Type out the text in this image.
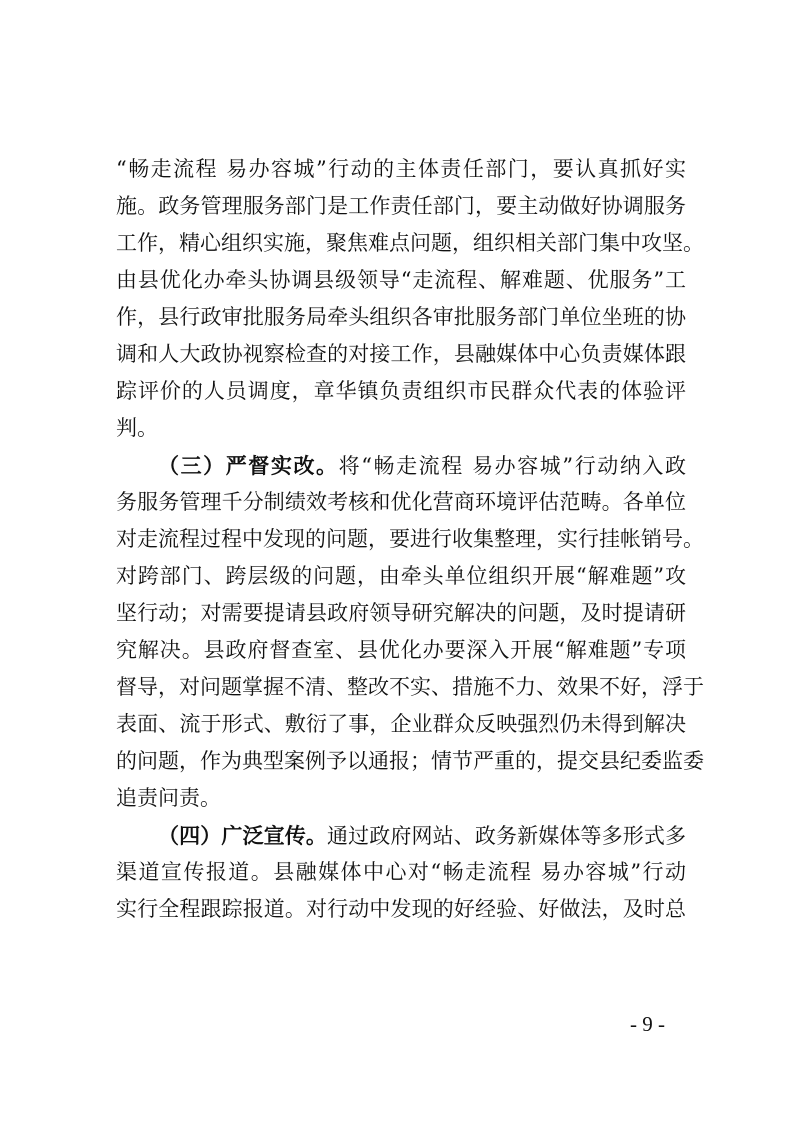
“畅走流程 易办容城”行动的主体责任部门，要认真抓好实
施。政务管理服务部门是工作责任部门，要主动做好协调服务
工作，精心组织实施，聚焦难点问题，组织相关部门集中攻坚。
由县优化办牵头协调县级领导“走流程、解难题、优服务”工
作，县行政审批服务局牵头组织各审批服务部门单位坐班的协
调和人大政协视察检查的对接工作，县融媒体中心负责媒体跟
踪评价的人员调度，章华镇负责组织市民群众代表的体验评
判。
（三）严督实改。将“畅走流程 易办容城”行动纳入政
务服务管理千分制绩效考核和优化营商环境评估范畴。各单位
对走流程过程中发现的问题，要进行收集整理，实行挂帐销号。
对跨部门、跨层级的问题，由牵头单位组织开展“解难题”攻
坚行动；对需要提请县政府领导研究解决的问题，及时提请研
究解决。县政府督查室、县优化办要深入开展“解难题”专项
督导，对问题掌握不清、整改不实、措施不力、效果不好，浮于
表面、流于形式、敷衍了事，企业群众反映强烈仍未得到解决
的问题，作为典型案例予以通报；情节严重的，提交县纪委监委
追责问责。
（四）广泛宣传。通过政府网站、政务新媒体等多形式多
渠道宣传报道。县融媒体中心对“畅走流程 易办容城”行动
实行全程跟踪报道。对行动中发现的好经验、好做法，及时总
- 9 -
